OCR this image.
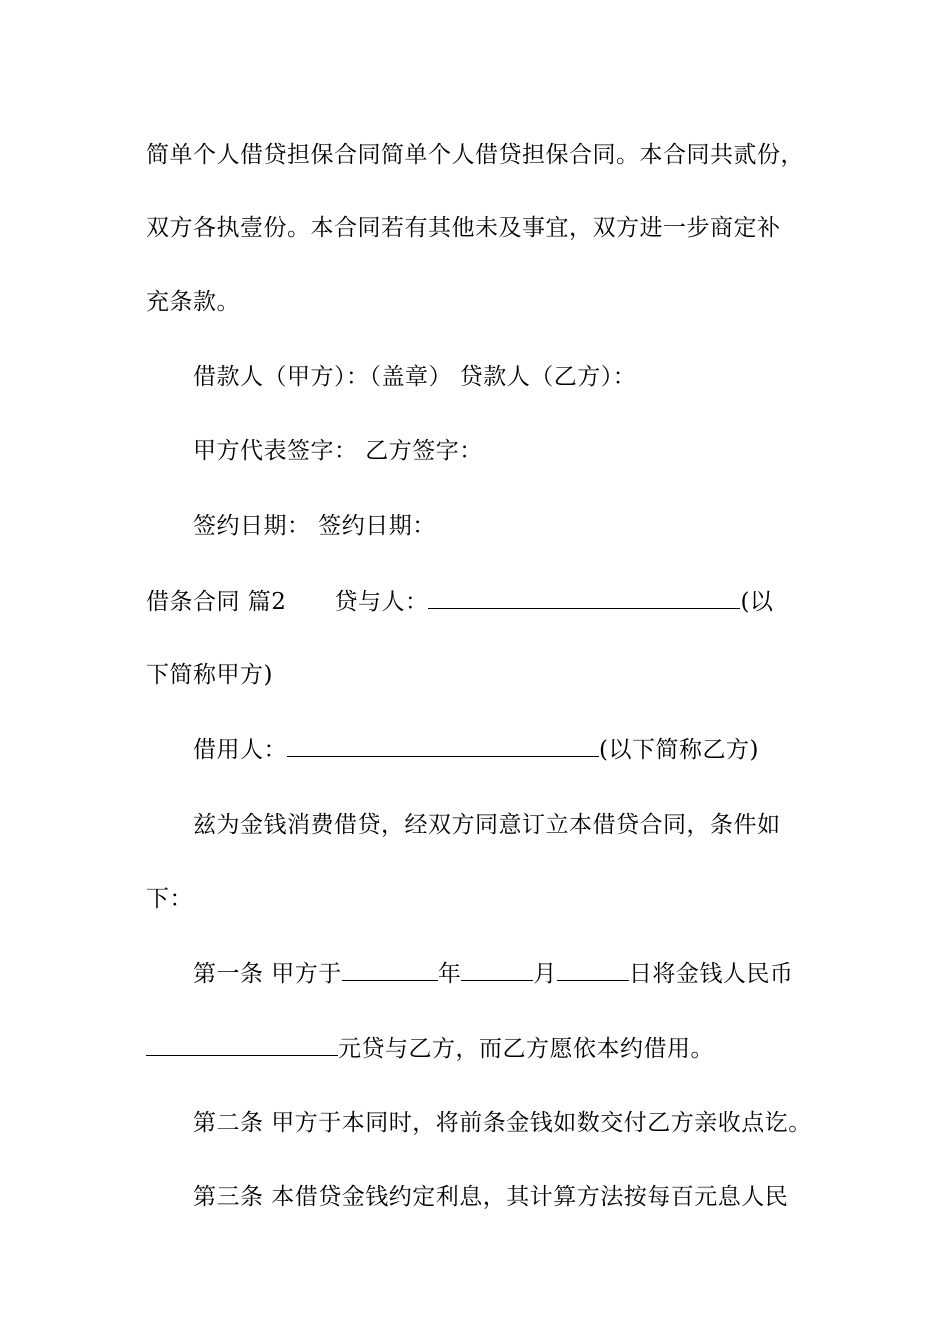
简单个人借贷担保合同简单个人借贷担保合同。本合同共贰份，
双方各执壹份。本合同若有其他未及事宜，双方进一步商定补
充条款。
借款人（甲方）：（盖章） 贷款人（乙方）：
甲方代表签字： 乙方签字：
签约日期： 签约日期：
借条合同 篇2 贷与人：	(以
下简称甲方)
借用人：	(以下简称乙方)
兹为金钱消费借贷，经双方同意订立本借贷合同，条件如
下：
第一条 甲方于	年	月	日将金钱人民币
元贷与乙方，而乙方愿依本约借用。
第二条 甲方于本同时，将前条金钱如数交付乙方亲收点讫。
第三条 本借贷金钱约定利息，其计算方法按每百元息人民
